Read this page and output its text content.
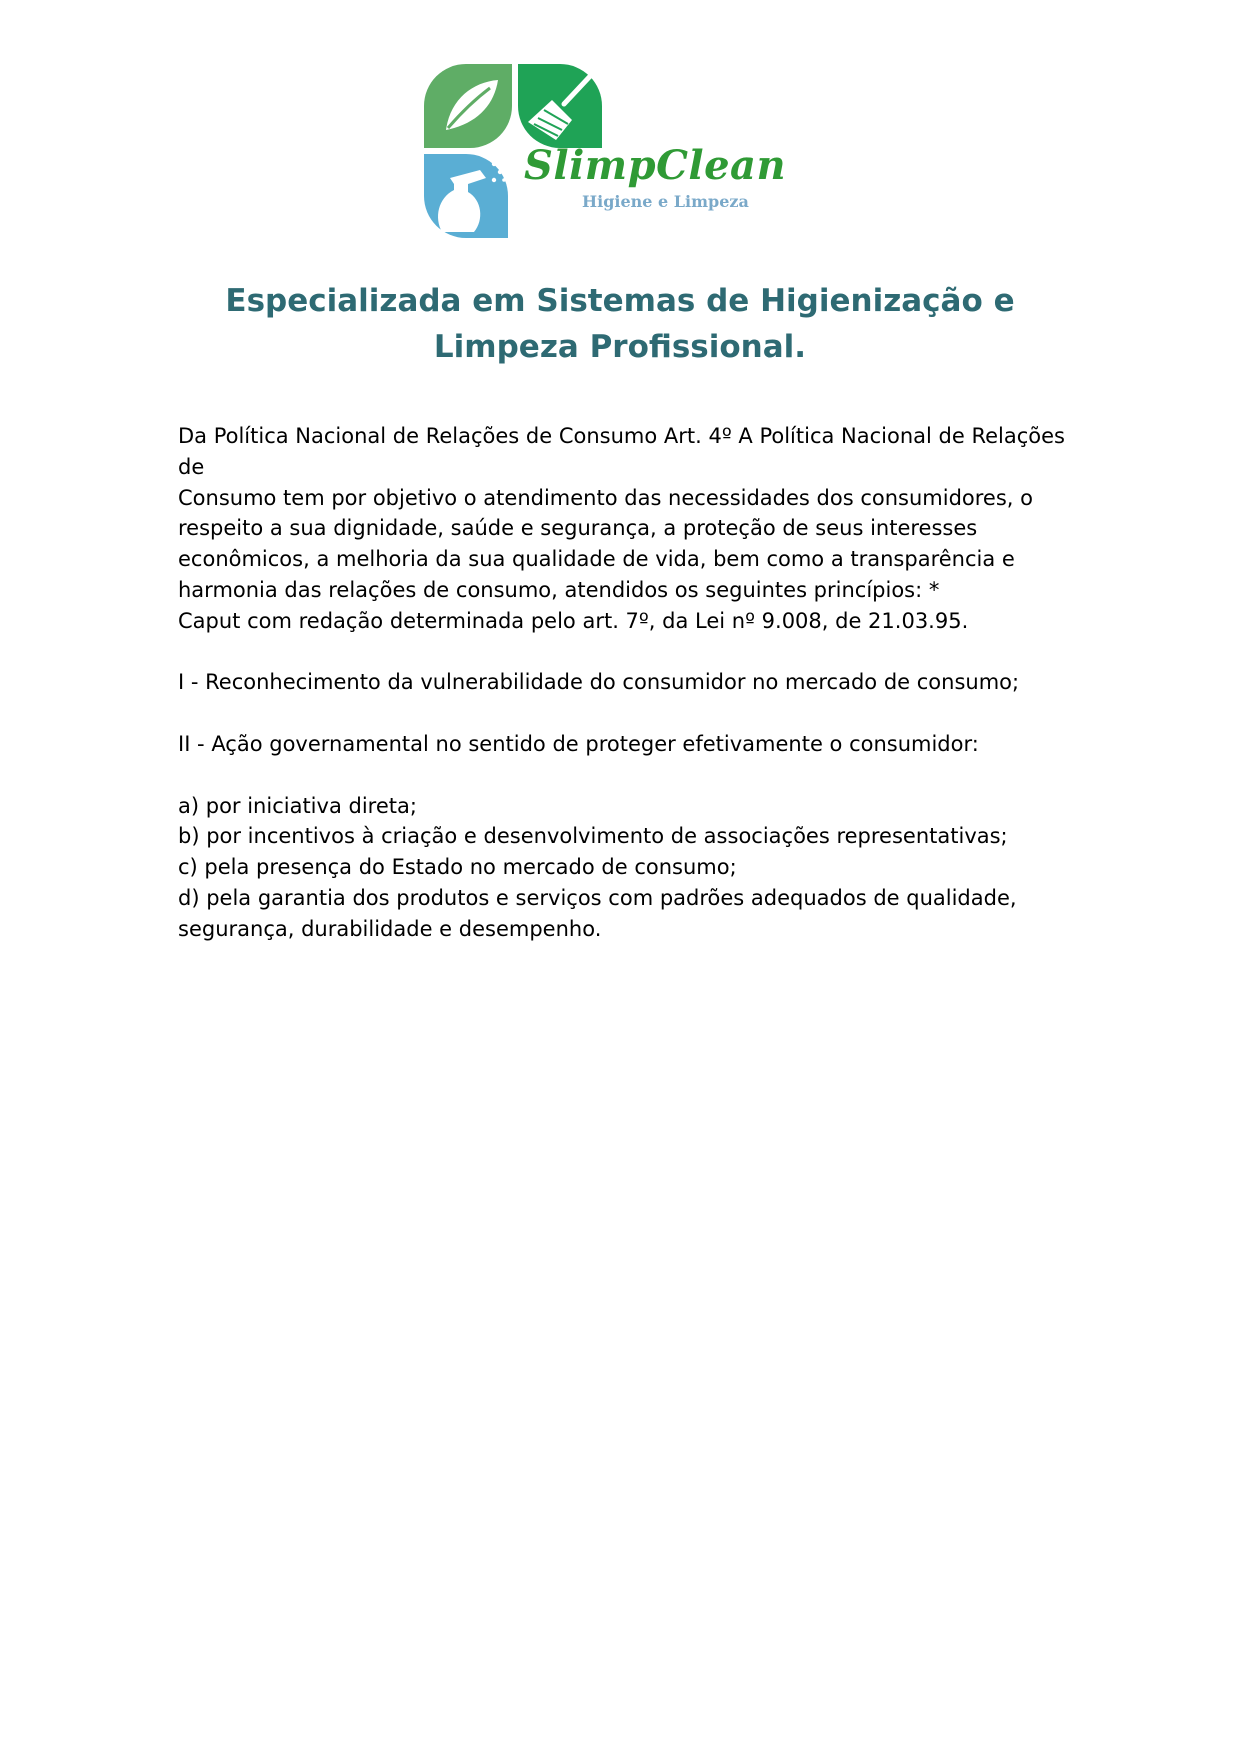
SlimpClean
Higiene e Limpeza
Especializada em Sistemas de Higienização e
Limpeza Profissional.

Da Política Nacional de Relações de Consumo Art. 4º A Política Nacional de Relações de

Consumo tem por objetivo o atendimento das necessidades dos consumidores, o

respeito a sua dignidade, saúde e segurança, a proteção de seus interesses

econômicos, a melhoria da sua qualidade de vida, bem como a transparência e

harmonia das relações de consumo, atendidos os seguintes princípios: *

Caput com redação determinada pelo art. 7º, da Lei nº 9.008, de 21.03.95.

I - Reconhecimento da vulnerabilidade do consumidor no mercado de consumo;

II - Ação governamental no sentido de proteger efetivamente o consumidor:

a) por iniciativa direta;

b) por incentivos à criação e desenvolvimento de associações representativas;

c) pela presença do Estado no mercado de consumo;

d) pela garantia dos produtos e serviços com padrões adequados de qualidade,

segurança, durabilidade e desempenho.
